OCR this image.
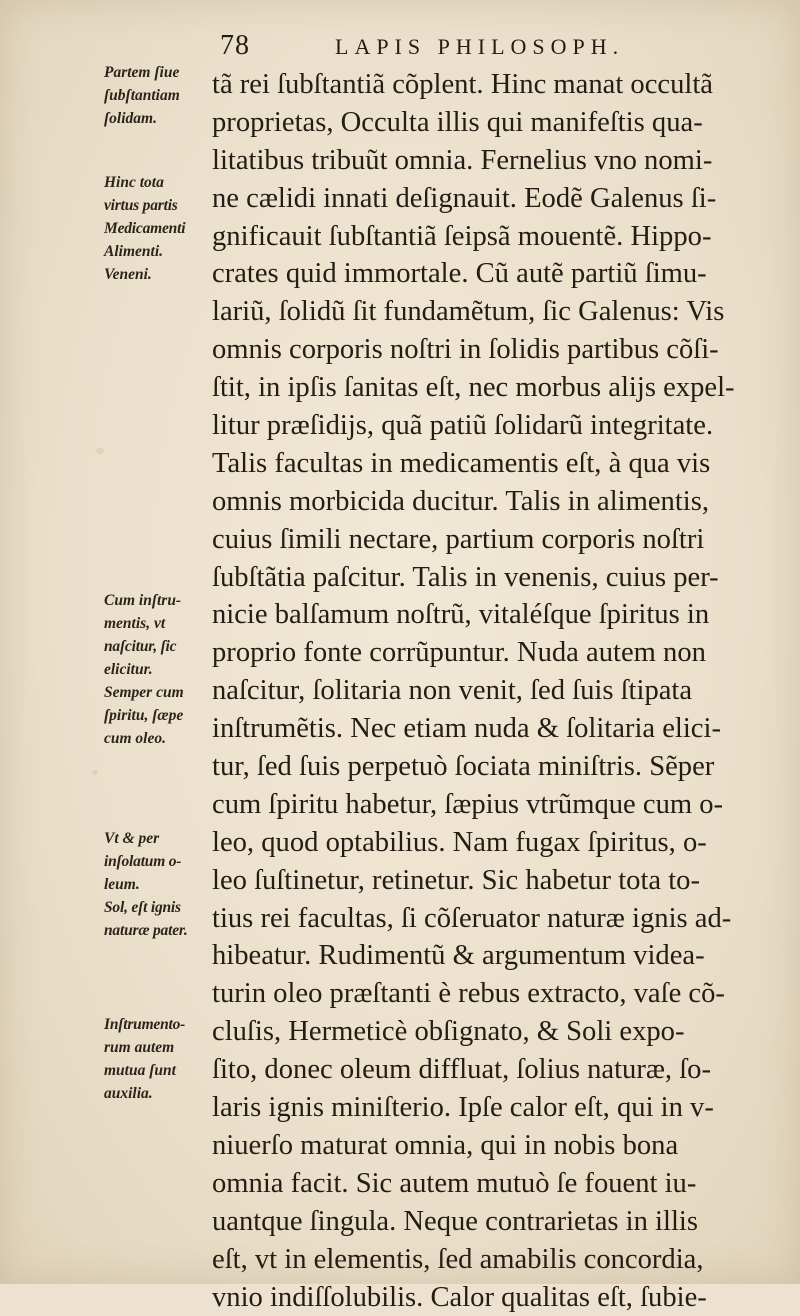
78	LAPIS PHILOSOPH.
tã rei ſubſtantiã cõplent. Hinc manat occultã
proprietas, Occulta illis qui manifeſtis qua-
litatibus tribuũt omnia. Fernelius vno nomi-
ne cælidi innati deſignauit. Eodẽ Galenus ſi-
gnificauit ſubſtantiã ſeipsã mouentẽ. Hippo-
crates quid immortale. Cũ autẽ partiũ ſimu-
lariũ, ſolidũ ſit fundamẽtum, ſic Galenus: Vis
omnis corporis noſtri in ſolidis partibus cõſi-
ſtit, in ipſis ſanitas eſt, nec morbus alijs expel-
litur præſidijs, quã patiũ ſolidarũ integritate.
Talis facultas in medicamentis eſt, à qua vis
omnis morbicida ducitur. Talis in alimentis,
cuius ſimili nectare, partium corporis noſtri
ſubſtãtia paſcitur. Talis in venenis, cuius per-
nicie balſamum noſtrũ, vitaléſque ſpiritus in
proprio fonte corrũpuntur. Nuda autem non
naſcitur, ſolitaria non venit, ſed ſuis ſtipata
inſtrumẽtis. Nec etiam nuda & ſolitaria elici-
tur, ſed ſuis perpetuò ſociata miniſtris. Sẽper
cum ſpiritu habetur, ſæpius vtrũmque cum o-
leo, quod optabilius. Nam fugax ſpiritus, o-
leo ſuſtinetur, retinetur. Sic habetur tota to-
tius rei facultas, ſi cõſeruator naturæ ignis ad-
hibeatur. Rudimentũ & argumentum videa-
turin oleo præſtanti è rebus extracto, vaſe cõ-
cluſis, Hermeticè obſignato, & Soli expo-
ſito, donec oleum diffluat, ſolius naturæ, ſo-
laris ignis miniſterio. Ipſe calor eſt, qui in v-
niuerſo maturat omnia, qui in nobis bona
omnia facit. Sic autem mutuò ſe fouent iu-
uantque ſingula. Neque contrarietas in illis
eſt, vt in elementis, ſed amabilis concordia,
vnio indiſſolubilis. Calor qualitas eſt, ſubie-
Partem ſiue
ſubſtantiam
ſolidam.
Hinc tota
virtus partis
Medicamenti
Alimenti.
Veneni.
Cum inſtru-
mentis, vt
naſcitur, ſic
elicitur.
Semper cum
ſpiritu, ſæpe
cum oleo.
Vt & per
inſolatum o-
leum.
Sol, eſt ignis
naturæ pater.
Inſtrumento-
rum autem
mutua ſunt
auxilia.
